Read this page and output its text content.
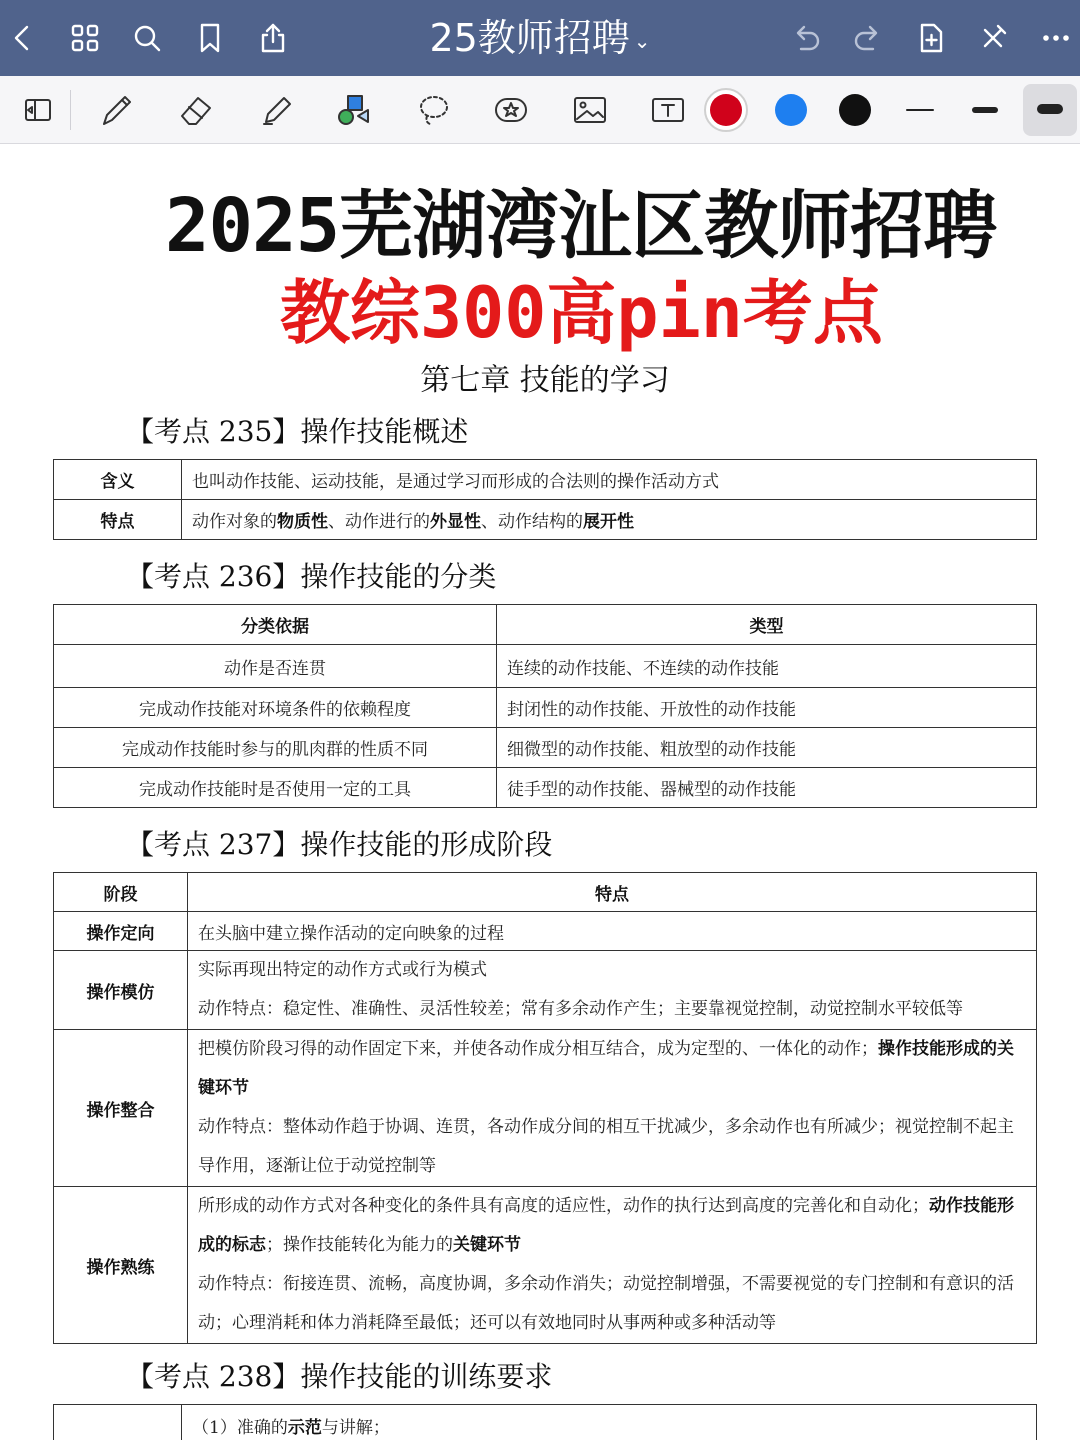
25教师招聘 ⌄
2025芜湖湾沚区教师招聘
教综300高pin考点
第七章 技能的学习
【考点 235】操作技能概述
含义	也叫动作技能、运动技能，是通过学习而形成的合法则的操作活动方式
特点	动作对象的物质性、动作进行的外显性、动作结构的展开性
【考点 236】操作技能的分类
分类依据	类型
动作是否连贯	连续的动作技能、不连续的动作技能
完成动作技能对环境条件的依赖程度	封闭性的动作技能、开放性的动作技能
完成动作技能时参与的肌肉群的性质不同	细微型的动作技能、粗放型的动作技能
完成动作技能时是否使用一定的工具	徒手型的动作技能、器械型的动作技能
【考点 237】操作技能的形成阶段
阶段	特点
操作定向	在头脑中建立操作活动的定向映象的过程
操作模仿	实际再现出特定的动作方式或行为模式
动作特点：稳定性、准确性、灵活性较差；常有多余动作产生；主要靠视觉控制，动觉控制水平较低等

操作整合	把模仿阶段习得的动作固定下来，并使各动作成分相互结合，成为定型的、一体化的动作；操作技能形成的关键环节
动作特点：整体动作趋于协调、连贯，各动作成分间的相互干扰减少，多余动作也有所减少；视觉控制不起主导作用，逐渐让位于动觉控制等

操作熟练	所形成的动作方式对各种变化的条件具有高度的适应性，动作的执行达到高度的完善化和自动化；动作技能形成的标志；操作技能转化为能力的关键环节
动作特点：衔接连贯、流畅，高度协调，多余动作消失；动觉控制增强，不需要视觉的专门控制和有意识的活动；心理消耗和体力消耗降至最低；还可以有效地同时从事两种或多种活动等
【考点 238】操作技能的训练要求
	（1）准确的示范与讲解；
